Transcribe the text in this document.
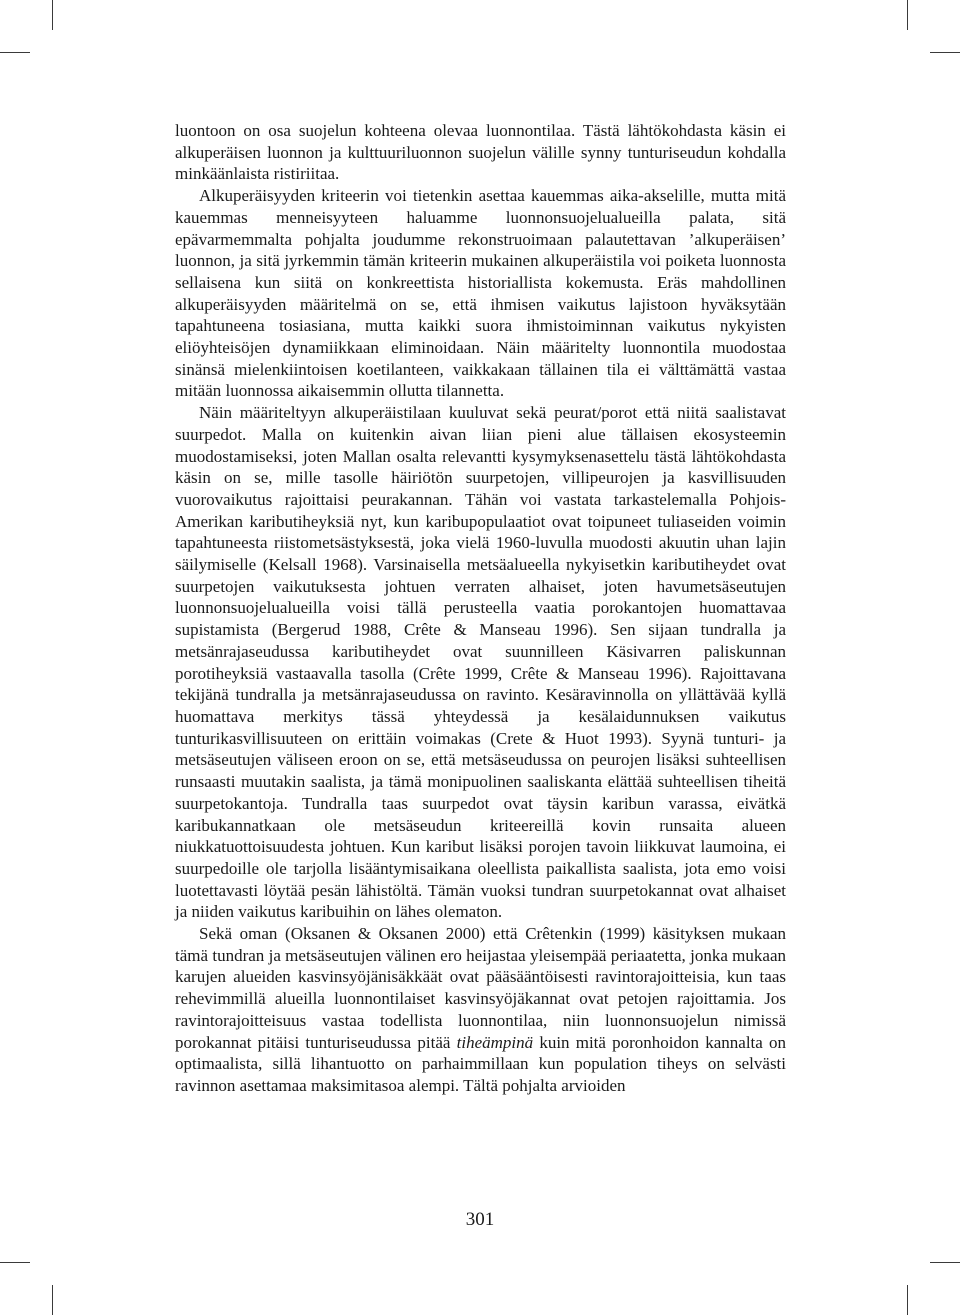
luontoon on osa suojelun kohteena olevaa luonnontilaa. Tästä lähtökohdasta käsin ei alkuperäisen luonnon ja kulttuuriluonnon suojelun välille synny tunturiseudun kohdalla minkäänlaista ristiriitaa.

Alkuperäisyyden kriteerin voi tietenkin asettaa kauemmas aika-akselille, mutta mitä kauemmas menneisyyteen haluamme luonnonsuojelualueilla palata, sitä epävarmemmalta pohjalta joudumme rekonstruoimaan palautettavan ’alkuperäisen’ luonnon, ja sitä jyrkemmin tämän kriteerin mukainen alkuperäistila voi poiketa luonnosta sellaisena kun siitä on konkreettista historiallista kokemusta. Eräs mahdollinen alkuperäisyyden määritelmä on se, että ihmisen vaikutus lajistoon hyväksytään tapahtuneena tosiasiana, mutta kaikki suora ihmistoiminnan vaikutus nykyisten eliöyhteisöjen dynamiikkaan eliminoidaan. Näin määritelty luonnontila muodostaa sinänsä mielenkiintoisen koetilanteen, vaikkakaan tällainen tila ei välttämättä vastaa mitään luonnossa aikaisemmin ollutta tilannetta.

Näin määriteltyyn alkuperäistilaan kuuluvat sekä peurat/porot että niitä saalistavat suurpedot. Malla on kuitenkin aivan liian pieni alue tällaisen ekosysteemin muodostamiseksi, joten Mallan osalta relevantti kysymyksenasettelu tästä lähtökohdasta käsin on se, mille tasolle häiriötön suurpetojen, villipeurojen ja kasvillisuuden vuorovaikutus rajoittaisi peurakannan. Tähän voi vastata tarkastelemalla Pohjois-Amerikan kaributiheyksiä nyt, kun karibupopulaatiot ovat toipuneet tuliaseiden voimin tapahtuneesta riistometsästyksestä, joka vielä 1960-luvulla muodosti akuutin uhan lajin säilymiselle (Kelsall 1968). Varsinaisella metsäalueella nykyisetkin kaributiheydet ovat suurpetojen vaikutuksesta johtuen verraten alhaiset, joten havumetsäseutujen luonnonsuojelualueilla voisi tällä perusteella vaatia porokantojen huomattavaa supistamista (Bergerud 1988, Crête & Manseau 1996). Sen sijaan tundralla ja metsänrajaseudussa kaributiheydet ovat suunnilleen Käsivarren paliskunnan porotiheyksiä vastaavalla tasolla (Crête 1999, Crête & Manseau 1996). Rajoittavana tekijänä tundralla ja metsänrajaseudussa on ravinto. Kesäravinnolla on yllättävää kyllä huomattava merkitys tässä yhteydessä ja kesälaidunnuksen vaikutus tunturikasvillisuuteen on erittäin voimakas (Crete & Huot 1993). Syynä tunturi- ja metsäseutujen väliseen eroon on se, että metsäseudussa on peurojen lisäksi suhteellisen runsaasti muutakin saalista, ja tämä monipuolinen saaliskanta elättää suhteellisen tiheitä suurpetokantoja. Tundralla taas suurpedot ovat täysin karibun varassa, eivätkä karibukannatkaan ole metsäseudun kriteereillä kovin runsaita alueen niukkatuottoisuudesta johtuen. Kun karibut lisäksi porojen tavoin liikkuvat laumoina, ei suurpedoille ole tarjolla lisääntymisaikana oleellista paikallista saalista, jota emo voisi luotettavasti löytää pesän lähistöltä. Tämän vuoksi tundran suurpetokannat ovat alhaiset ja niiden vaikutus karibuihin on lähes olematon.

Sekä oman (Oksanen & Oksanen 2000) että Crêtenkin (1999) käsityksen mukaan tämä tundran ja metsäseutujen välinen ero heijastaa yleisempää periaatetta, jonka mukaan karujen alueiden kasvinsyöjänisäkkäät ovat pääsääntöisesti ravintorajoitteisia, kun taas rehevimmillä alueilla luonnontilaiset kasvinsyöjäkannat ovat petojen rajoittamia. Jos ravintorajoitteisuus vastaa todellista luonnontilaa, niin luonnonsuojelun nimissä porokannat pitäisi tunturiseudussa pitää tiheämpinä kuin mitä poronhoidon kannalta on optimaalista, sillä lihantuotto on parhaimmillaan kun population tiheys on selvästi ravinnon asettamaa maksimitasoa alempi. Tältä pohjalta arvioiden

301
